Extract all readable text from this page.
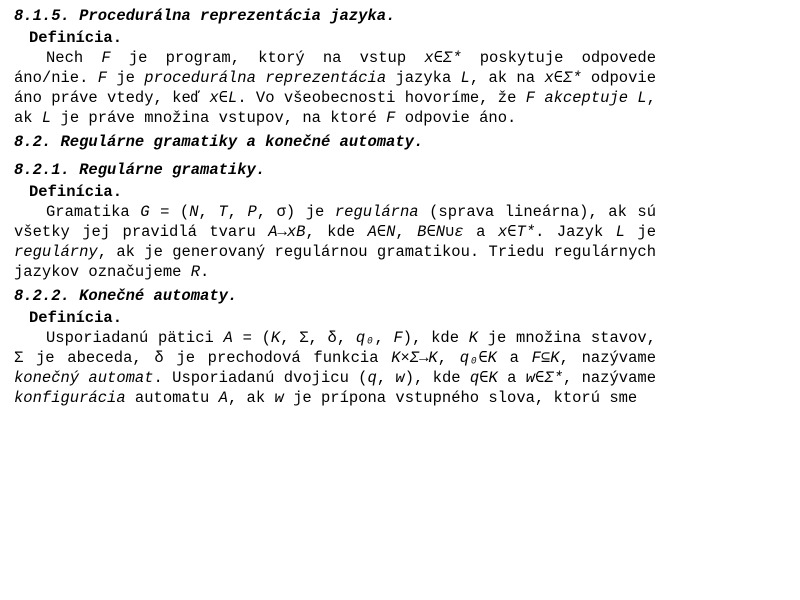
8.1.5. Procedurálna reprezentácia jazyka.

Definícia.

Nech F je program, ktorý na vstup x∈Σ* poskytuje odpovede áno/nie. F je procedurálna reprezentácia jazyka L, ak na x∈Σ* odpovie áno práve vtedy, keď x∈L. Vo všeobecnosti hovoríme, že F akceptuje L, ak L je práve množina vstupov, na ktoré F odpovie áno.

8.2. Regulárne gramatiky a konečné automaty.

8.2.1. Regulárne gramatiky.

Definícia.

Gramatika G = (N, T, P, σ) je regulárna (sprava lineárna), ak sú všetky jej pravidlá tvaru A→xB, kde A∈N, B∈N∪ε a x∈T*. Jazyk L je regulárny, ak je generovaný regulárnou gramatikou. Triedu regulárnych jazykov označujeme R.

8.2.2. Konečné automaty.

Definícia.

Usporiadanú pätici A = (K, Σ, δ, q₀, F), kde K je množina stavov, Σ je abeceda, δ je prechodová funkcia K×Σ→K, q₀∈K a F⊆K, nazývame konečný automat. Usporiadanú dvojicu (q, w), kde q∈K a w∈Σ*, nazývame konfigurácia automatu A, ak w je prípona vstupného slova, ktorú sme
